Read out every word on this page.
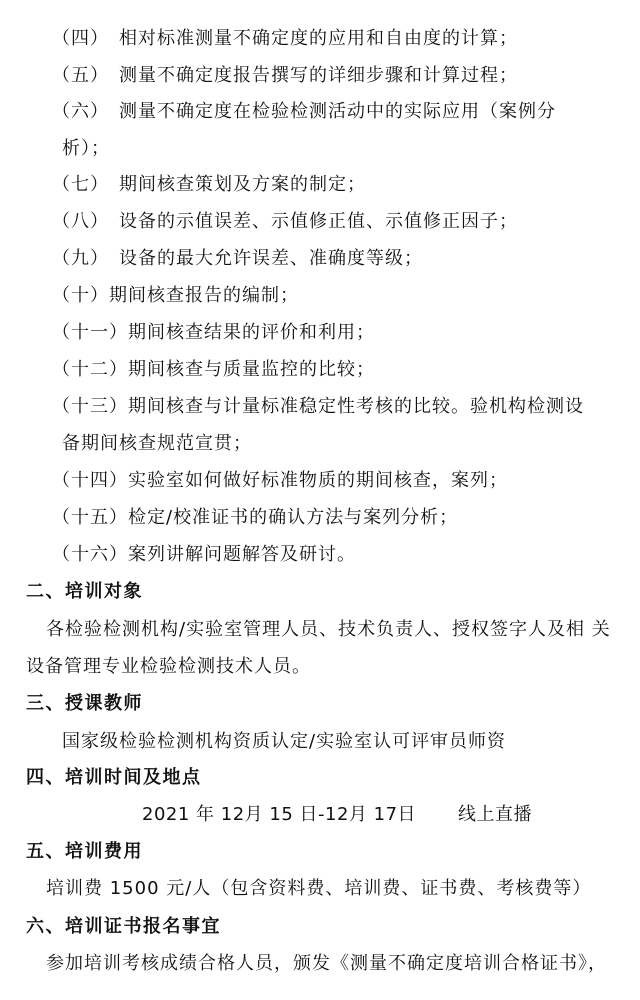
（四） 相对标准测量不确定度的应用和自由度的计算；
（五） 测量不确定度报告撰写的详细步骤和计算过程；
（六） 测量不确定度在检验检测活动中的实际应用（案例分
析）；
（七） 期间核查策划及方案的制定；
（八） 设备的示值误差、示值修正值、示值修正因子；
（九） 设备的最大允许误差、准确度等级；
（十）期间核查报告的编制；
（十一）期间核查结果的评价和利用；
（十二）期间核查与质量监控的比较；
（十三）期间核查与计量标准稳定性考核的比较。验机构检测设
备期间核查规范宣贯；
（十四）实验室如何做好标准物质的期间核查，案列；
（十五）检定/校准证书的确认方法与案列分析；
（十六）案列讲解问题解答及研讨。
二、培训对象
各检验检测机构/实验室管理人员、技术负责人、授权签字人及相 关
设备管理专业检验检测技术人员。
三、授课教师
国家级检验检测机构资质认定/实验室认可评审员师资
四、培训时间及地点
2021 年 12月 15 日-12月 17日 线上直播
五、培训费用
培训费 1500 元/人（包含资料费、培训费、证书费、考核费等）
六、培训证书报名事宜
参加培训考核成绩合格人员，颁发《测量不确定度培训合格证书》，
